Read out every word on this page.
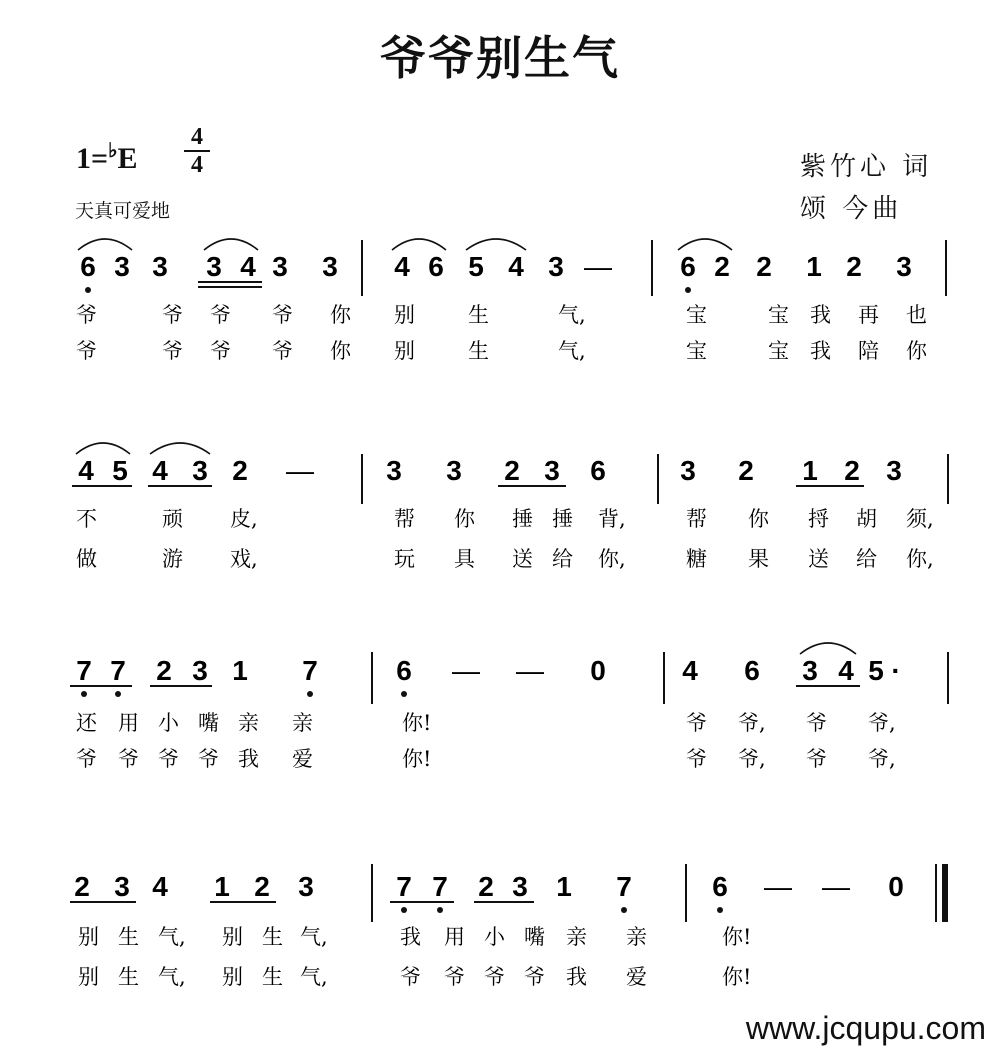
爷爷别生气
1=♭E
4
4
天真可爱地
紫竹心 词
颂 今曲
6 3 3 3 4 3 3 4 6 5 4 3 — 6 2 2 1 2 3
爷	爷 爷 爷 你 别	生	气,	宝	宝 我 再 也
爷	爷 爷 爷 你 别	生	气,	宝	宝 我 陪 你
4 5 4 3 2 —	3 3 2 3 6	3 2 1 2 3
不	顽 皮,	帮 你 捶 捶 背,	帮 你 捋 胡 须,
做	游 戏,	玩 具 送 给 你,	糖 果 送 给 你,
7 7 2 3 1 7	6 — — 0	4 6 3 4 5 ·
还 用 小 嘴 亲 亲	你!	爷 爷, 爷 爷,
爷 爷 爷 爷 我 爱	你!	爷 爷, 爷 爷,
2 3 4 1 2 3	7 7 2 3 1 7	6 — — 0
别 生 气, 别 生 气,	我 用 小 嘴 亲 亲	你!
别 生 气, 别 生 气,	爷 爷 爷 爷 我 爱	你!
www.jcqupu.com
